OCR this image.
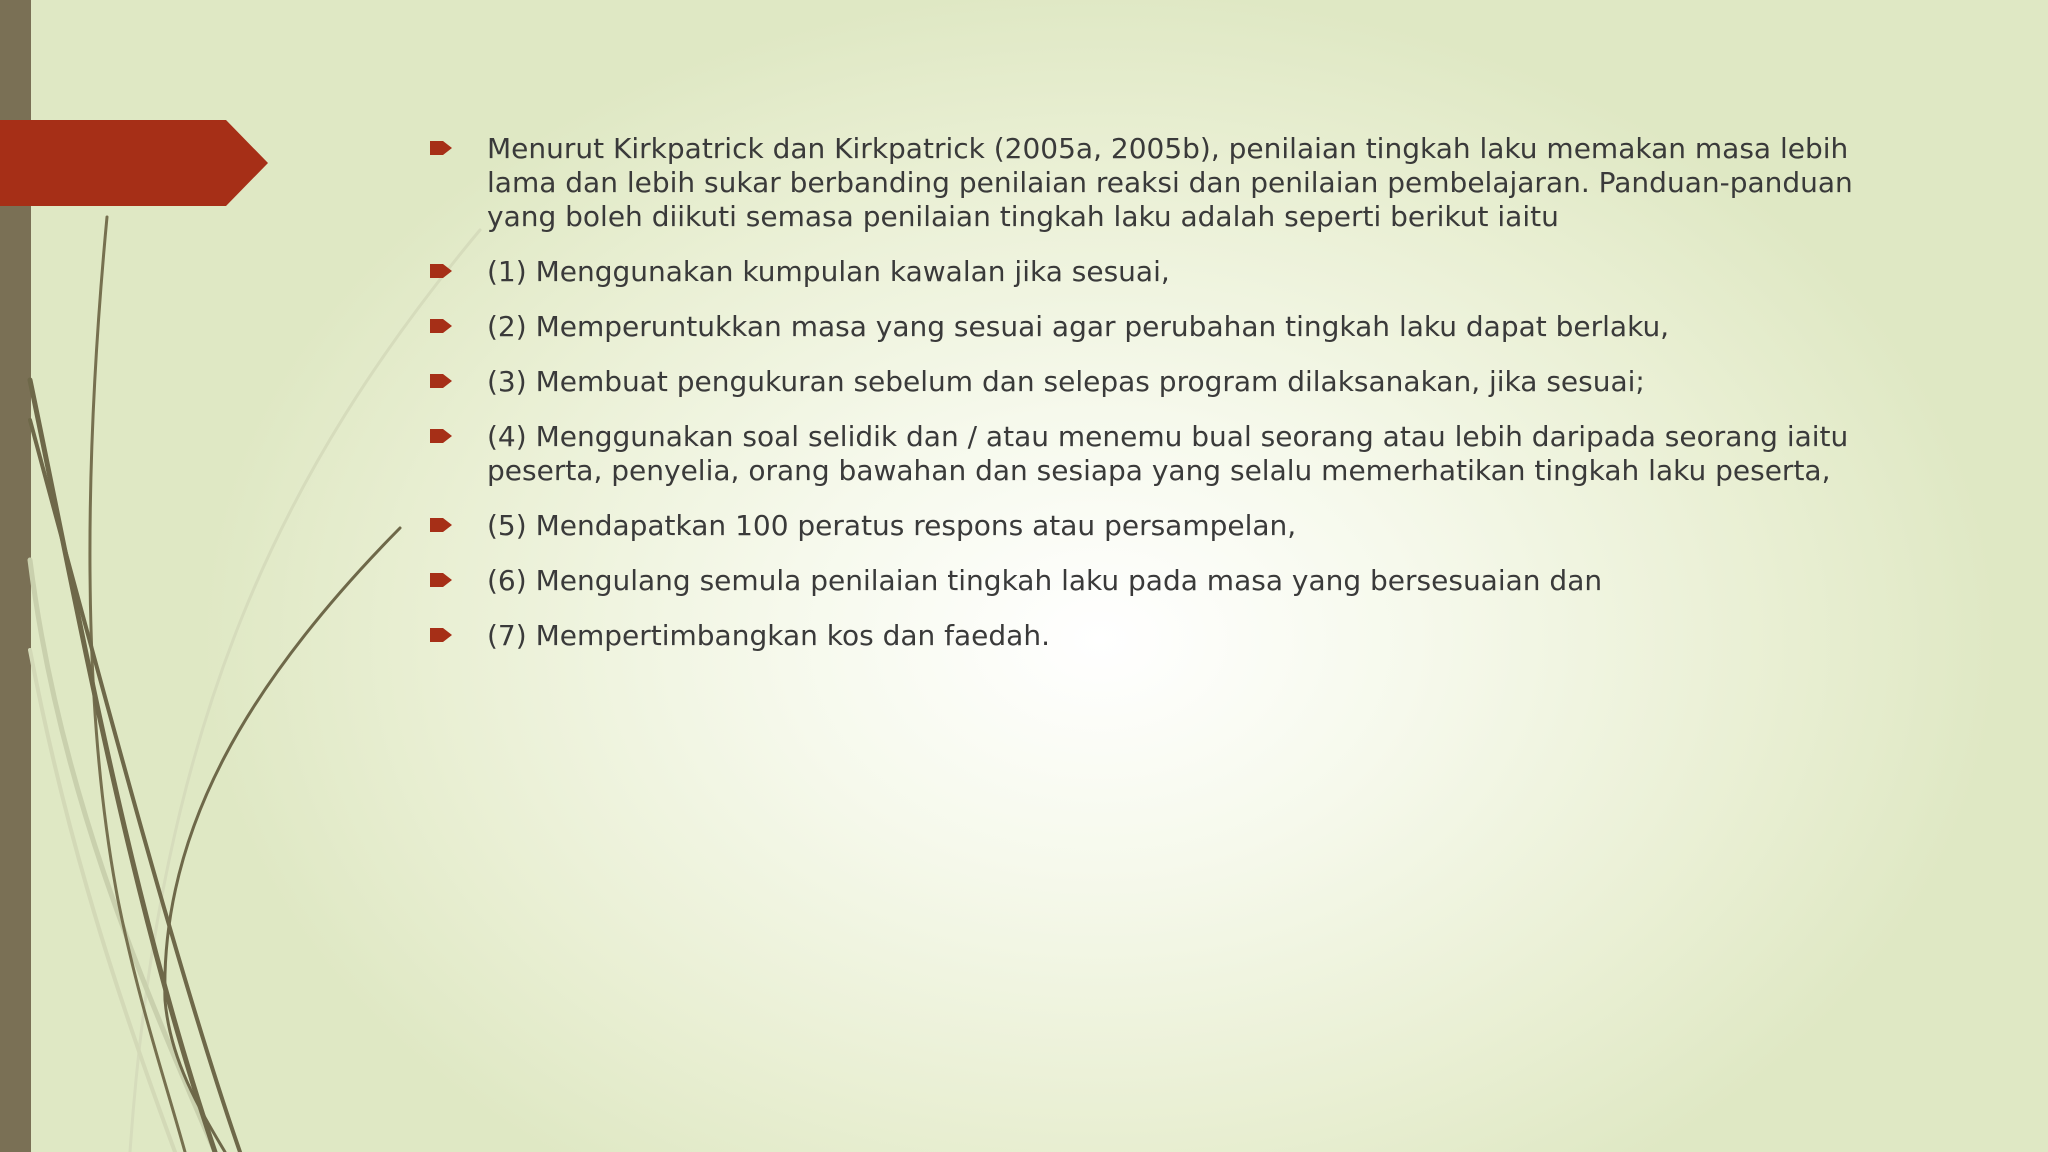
Menurut Kirkpatrick dan Kirkpatrick (2005a, 2005b), penilaian tingkah laku memakan masa lebih lama dan lebih sukar berbanding penilaian reaksi dan penilaian pembelajaran. Panduan-panduan yang boleh diikuti semasa penilaian tingkah laku adalah seperti berikut iaitu
(1) Menggunakan kumpulan kawalan jika sesuai,
(2) Memperuntukkan masa yang sesuai agar perubahan tingkah laku dapat berlaku,
(3) Membuat pengukuran sebelum dan selepas program dilaksanakan, jika sesuai;
(4) Menggunakan soal selidik dan / atau menemu bual seorang atau lebih daripada seorang iaitu peserta, penyelia, orang bawahan dan sesiapa yang selalu memerhatikan tingkah laku peserta,
(5) Mendapatkan 100 peratus respons atau persampelan,
(6) Mengulang semula penilaian tingkah laku pada masa yang bersesuaian dan
(7) Mempertimbangkan kos dan faedah.
